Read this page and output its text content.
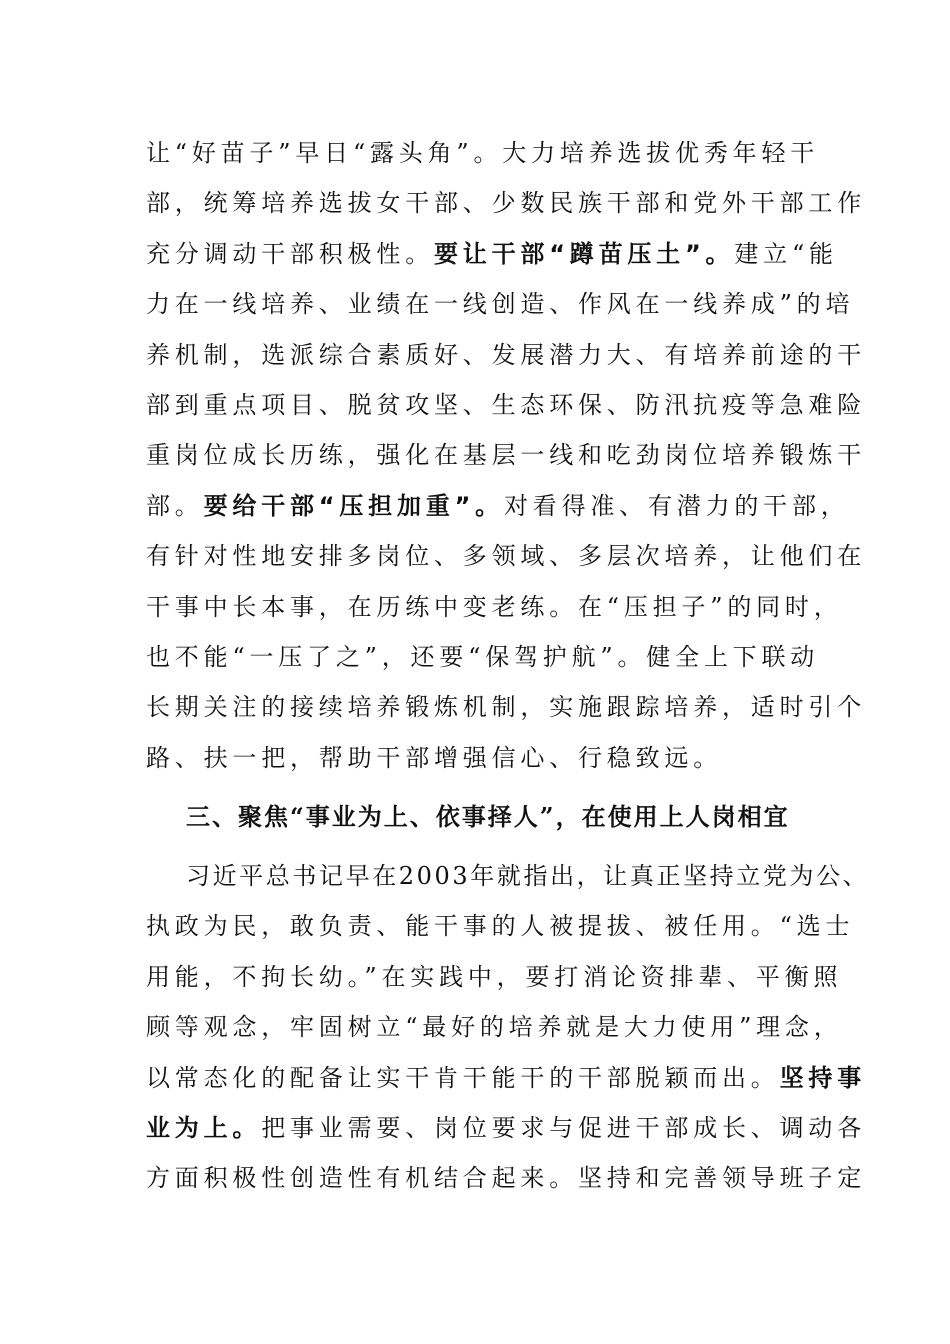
让“好苗子”早日“露头角”。大力培养选拔优秀年轻干
部，统筹培养选拔女干部、少数民族干部和党外干部工作
充分调动干部积极性。要让干部“蹲苗压土”。建立“能
力在一线培养、业绩在一线创造、作风在一线养成”的培
养机制，选派综合素质好、发展潜力大、有培养前途的干
部到重点项目、脱贫攻坚、生态环保、防汛抗疫等急难险
重岗位成长历练，强化在基层一线和吃劲岗位培养锻炼干
部。要给干部“压担加重”。对看得准、有潜力的干部，
有针对性地安排多岗位、多领域、多层次培养，让他们在
干事中长本事，在历练中变老练。在“压担子”的同时，
也不能“一压了之”，还要“保驾护航”。健全上下联动
长期关注的接续培养锻炼机制，实施跟踪培养，适时引个
路、扶一把，帮助干部增强信心、行稳致远。
三、聚焦“事业为上、依事择人”，在使用上人岗相宜
习近平总书记早在2003年就指出，让真正坚持立党为公、
执政为民，敢负责、能干事的人被提拔、被任用。“选士
用能，不拘长幼。”在实践中，要打消论资排辈、平衡照
顾等观念，牢固树立“最好的培养就是大力使用”理念，
以常态化的配备让实干肯干能干的干部脱颖而出。坚持事
业为上。把事业需要、岗位要求与促进干部成长、调动各
方面积极性创造性有机结合起来。坚持和完善领导班子定
